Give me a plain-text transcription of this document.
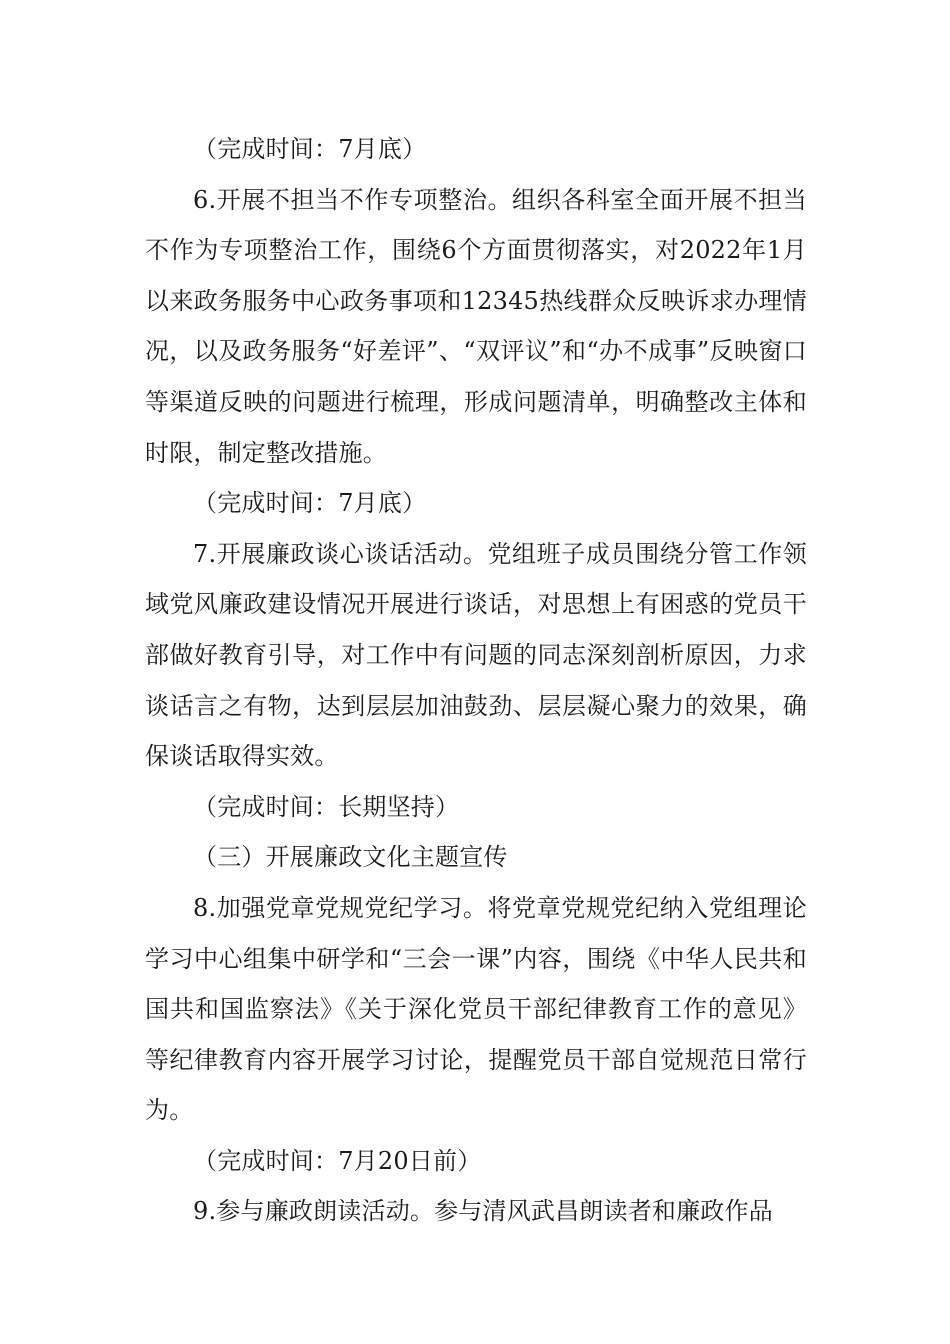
（完成时间：7月底）

6.开展不担当不作专项整治。组织各科室全面开展不担当不作为专项整治工作，围绕6个方面贯彻落实，对2022年1月以来政务服务中心政务事项和12345热线群众反映诉求办理情况，以及政务服务“好差评”、“双评议”和“办不成事”反映窗口等渠道反映的问题进行梳理，形成问题清单，明确整改主体和时限，制定整改措施。

（完成时间：7月底）

7.开展廉政谈心谈话活动。党组班子成员围绕分管工作领域党风廉政建设情况开展进行谈话，对思想上有困惑的党员干部做好教育引导，对工作中有问题的同志深刻剖析原因，力求谈话言之有物，达到层层加油鼓劲、层层凝心聚力的效果，确保谈话取得实效。

（完成时间：长期坚持）

（三）开展廉政文化主题宣传

8.加强党章党规党纪学习。将党章党规党纪纳入党组理论学习中心组集中研学和“三会一课”内容，围绕《中华人民共和国共和国监察法》《关于深化党员干部纪律教育工作的意见》等纪律教育内容开展学习讨论，提醒党员干部自觉规范日常行为。

（完成时间：7月20日前）

9.参与廉政朗读活动。参与清风武昌朗读者和廉政作品
